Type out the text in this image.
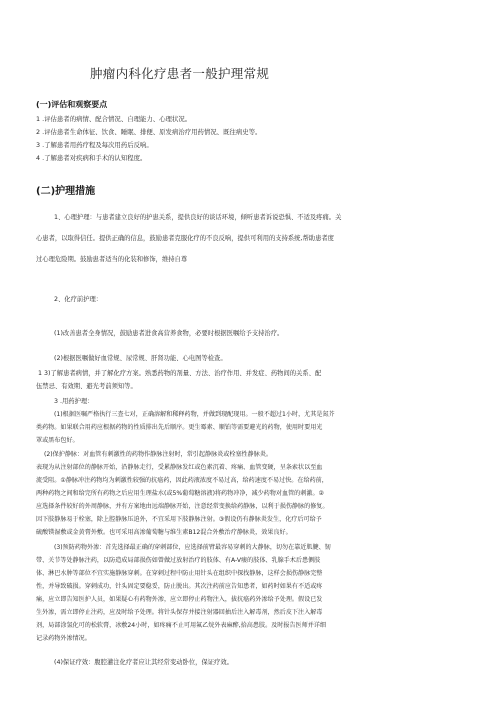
肿瘤内科化疗患者一般护理常规
(一)评估和观察要点
1 .评估患者的病情、配合情况、自理能力、心理状况。
2 .评估患者生命体征、饮食、睡眠、排便、原发病治疗用药情况、既往病史等。
3 .了解患者用药疗程及每次用药后反响。
4 .了解患者对疾病和手术的认知程度。
(二)护理措施
1、心理护理：与患者建立良好的护患关系，提供良好的谈话环境，倾听患者诉说恐惧、不适及疼痛。关
心患者，以取得信任。提供正确的信息，鼓励患者克服化疗的不良反响，提供可利用的支持系统,帮助患者度
过心理危险期。鼓励患者适当的化装和修饰，维持自尊
2、化疗前护理：
(1)改善患者全身情况，鼓励患者进食高营养食物，必要时根据医嘱给予支持治疗。
(2)根据医嘱做好血常规、尿常规、肝肾功能、心电图等检查。
1 3)了解患者病情，并了解化疗方案。熟悉药物的剂量、方法、治疗作用、并发症、药物间的关系、配
伍禁忌、有效期、避光考前须知等。
3 .用药护理：
(1)根据医嘱严格执行三查七对，正确溶解和稀释药物，并做到现配现用。一般不超过1小时，尤其是氮芥
类药物。如果联合用药应根据药物的性质排出先后顺序。更生霉素、顺铂等需要避光的药物，使用时要用光
罩或黑布包好。
(2)保护静脉：对血管有刺激性的药物作静脉注射时，常引起静脉炎或栓塞性静脉炎。
表现为从注射部位的静脉开始，沿静脉走行，受累静脉发红或色素沉着、疼痛、血管变硬，呈条索状以至血
流受阻。①静脉冲注药物均为刺激性较强的抗癌药，因此药液浓度不易过高，给药速度不易过快。在给药前，
两种药物之间和给完所有药物之后应用生理盐水(或5%葡萄糖溶液)将药物冲净，减少药物对血管的刺激。②
应选择条件较好的外周静脉，并有方案地由远端静脉开始，注意经常变换给药静脉，以利于损伤静脉的修复。
因下肢静脉易于栓塞，除上腔静脉压迫外，不宜采用下肢静脉注射。③假设仍有静脉炎发生，化疗后可给予
硫酸镁湿敷或金黄膏外敷。也可采用高渗葡萄糖与维生素B12混合外敷治疗静脉炎，效果良好。
(3)预防药物外渗：首先选择最正确的穿刺部位，应选择前臂最容易穿刺的大静脉，切勿在靠近肌腱、韧
带、关节等处静脉注药，以防造成局部损伤如曾做过放射治疗的肢体、有A-V瘘的肢体、乳腺手术后患侧肢
体、淋巴水肿等部位不宜实施静脉穿刺。在穿刺过程中防止用针头在组织中探找静脉，这样会损伤静脉完整
性，并导致破损。穿刺成功，针头固定要稳妥，防止脱出。其次注药前应告知患者，如药时如果有不适或疼
痛，应立即告知医护人员，如果疑心有药物外渗，应立即停止药物注入，拔抗癌药外渗给予处理。假设已发
生外渗，需立即停止注药，应及时给予处理。将针头保存并接注射器回抽后注入解毒剂，然后皮下注入解毒
剂，局部涂氢化可的松软膏，冰敷24小时，如疼痛不止可用氟乙烷外表麻醉,拾高患肢。及时报告医师并详细
记录药物外渗情况。
(4)保证疗效：腹腔灌注化疗者应让其经常变动卧位，保证疗效。
